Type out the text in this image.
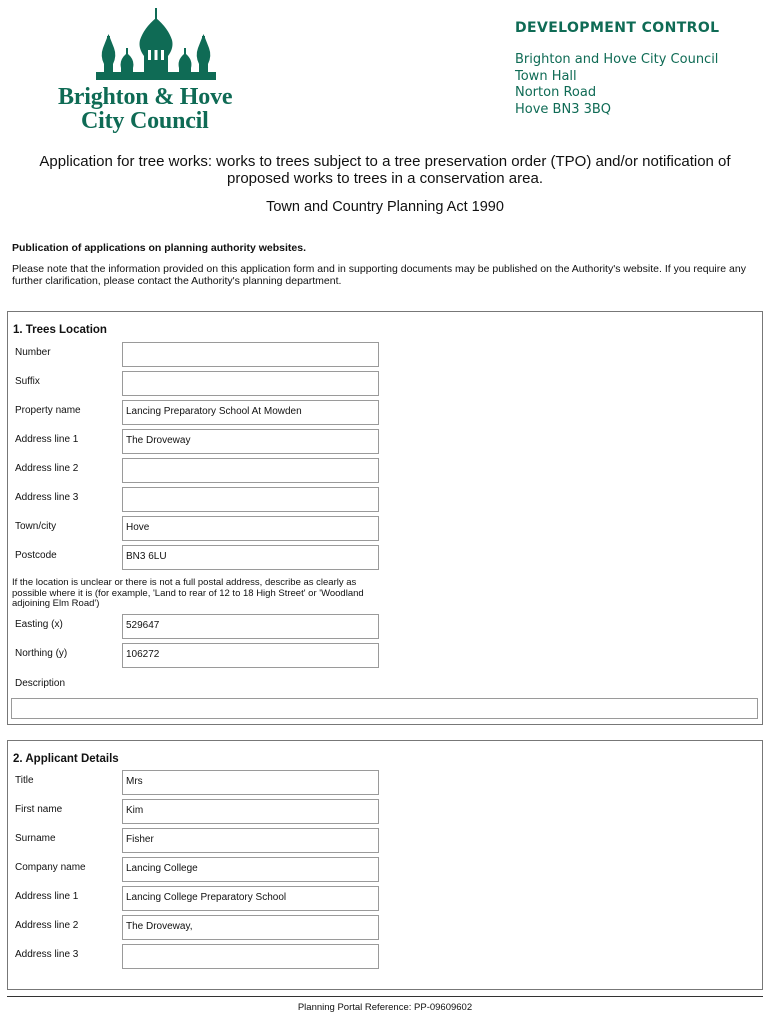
Brighton & Hove
City Council
DEVELOPMENT CONTROL
Brighton and Hove City Council
Town Hall
Norton Road
Hove BN3 3BQ
Application for tree works: works to trees subject to a tree preservation order (TPO) and/or notification of
proposed works to trees in a conservation area.
Town and Country Planning Act 1990
Publication of applications on planning authority websites.
Please note that the information provided on this application form and in supporting documents may be published on the Authority's website. If you require any further clarification, please contact the Authority's planning department.
1. Trees Location
Number
Suffix
Property name	Lancing Preparatory School At Mowden
Address line 1	The Droveway
Address line 2
Address line 3
Town/city	Hove
Postcode	BN3 6LU
If the location is unclear or there is not a full postal address, describe as clearly as possible where it is (for example, 'Land to rear of 12 to 18 High Street' or 'Woodland adjoining Elm Road')
Easting (x)	529647
Northing (y)	106272
Description
2. Applicant Details
Title	Mrs
First name	Kim
Surname	Fisher
Company name	Lancing College
Address line 1	Lancing College Preparatory School
Address line 2	The Droveway,
Address line 3
Planning Portal Reference: PP-09609602
